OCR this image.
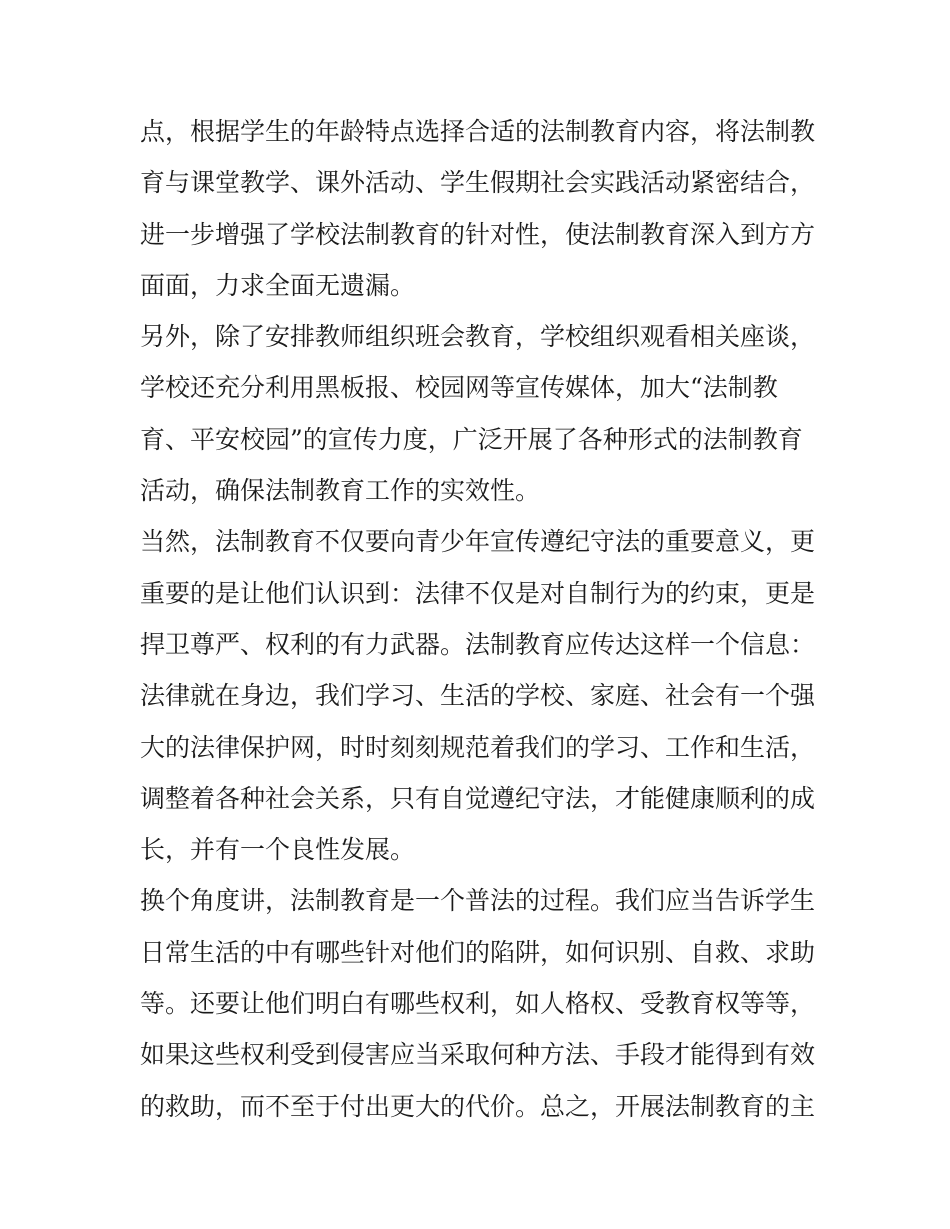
点，根据学生的年龄特点选择合适的法制教育内容，将法制教

育与课堂教学、课外活动、学生假期社会实践活动紧密结合，

进一步增强了学校法制教育的针对性，使法制教育深入到方方

面面，力求全面无遗漏。

另外，除了安排教师组织班会教育，学校组织观看相关座谈，

学校还充分利用黑板报、校园网等宣传媒体，加大“法制教

育、平安校园”的宣传力度，广泛开展了各种形式的法制教育

活动，确保法制教育工作的实效性。

当然，法制教育不仅要向青少年宣传遵纪守法的重要意义，更

重要的是让他们认识到：法律不仅是对自制行为的约束，更是

捍卫尊严、权利的有力武器。法制教育应传达这样一个信息：

法律就在身边，我们学习、生活的学校、家庭、社会有一个强

大的法律保护网，时时刻刻规范着我们的学习、工作和生活，

调整着各种社会关系，只有自觉遵纪守法，才能健康顺利的成

长，并有一个良性发展。

换个角度讲，法制教育是一个普法的过程。我们应当告诉学生

日常生活的中有哪些针对他们的陷阱，如何识别、自救、求助

等。还要让他们明白有哪些权利，如人格权、受教育权等等，

如果这些权利受到侵害应当采取何种方法、手段才能得到有效

的救助，而不至于付出更大的代价。总之，开展法制教育的主
